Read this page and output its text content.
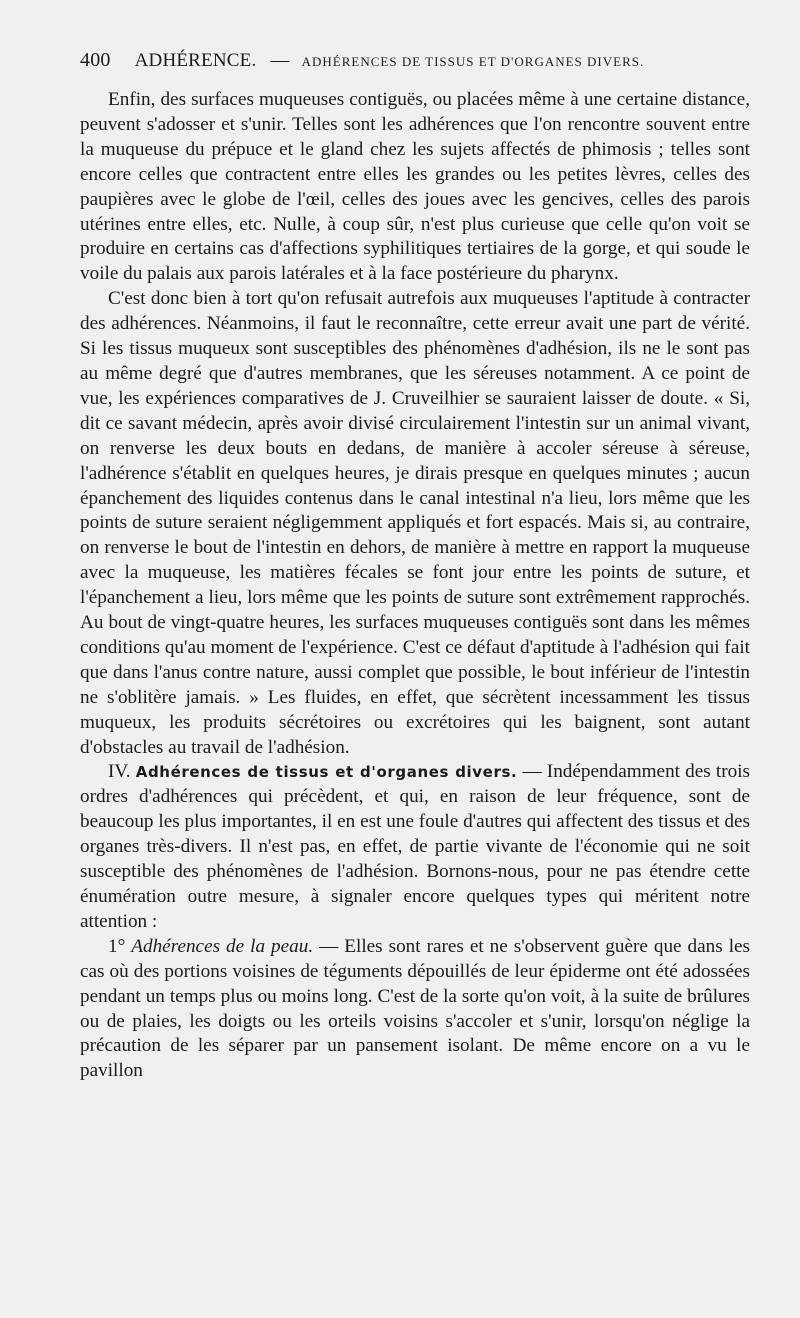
400 ADHÉRENCE. — ADHÉRENCES DE TISSUS ET D'ORGANES DIVERS.

Enfin, des surfaces muqueuses contiguës, ou placées même à une certaine distance, peuvent s'adosser et s'unir. Telles sont les adhérences que l'on rencontre souvent entre la muqueuse du prépuce et le gland chez les sujets affectés de phimosis ; telles sont encore celles que contractent entre elles les grandes ou les petites lèvres, celles des paupières avec le globe de l'œil, celles des joues avec les gencives, celles des parois utérines entre elles, etc. Nulle, à coup sûr, n'est plus curieuse que celle qu'on voit se produire en certains cas d'affections syphilitiques tertiaires de la gorge, et qui soude le voile du palais aux parois latérales et à la face postérieure du pharynx.

C'est donc bien à tort qu'on refusait autrefois aux muqueuses l'aptitude à contracter des adhérences. Néanmoins, il faut le reconnaître, cette erreur avait une part de vérité. Si les tissus muqueux sont susceptibles des phénomènes d'adhésion, ils ne le sont pas au même degré que d'autres membranes, que les séreuses notamment. A ce point de vue, les expériences comparatives de J. Cruveilhier se sauraient laisser de doute. « Si, dit ce savant médecin, après avoir divisé circulairement l'intestin sur un animal vivant, on renverse les deux bouts en dedans, de manière à accoler séreuse à séreuse, l'adhérence s'établit en quelques heures, je dirais presque en quelques minutes ; aucun épanchement des liquides contenus dans le canal intestinal n'a lieu, lors même que les points de suture seraient négligemment appliqués et fort espacés. Mais si, au contraire, on renverse le bout de l'intestin en dehors, de manière à mettre en rapport la muqueuse avec la muqueuse, les matières fécales se font jour entre les points de suture, et l'épanchement a lieu, lors même que les points de suture sont extrêmement rapprochés. Au bout de vingt-quatre heures, les surfaces muqueuses contiguës sont dans les mêmes conditions qu'au moment de l'expérience. C'est ce défaut d'aptitude à l'adhésion qui fait que dans l'anus contre nature, aussi complet que possible, le bout inférieur de l'intestin ne s'oblitère jamais. » Les fluides, en effet, que sécrètent incessamment les tissus muqueux, les produits sécrétoires ou excrétoires qui les baignent, sont autant d'obstacles au travail de l'adhésion.

IV. Adhérences de tissus et d'organes divers. — Indépendamment des trois ordres d'adhérences qui précèdent, et qui, en raison de leur fréquence, sont de beaucoup les plus importantes, il en est une foule d'autres qui affectent des tissus et des organes très-divers. Il n'est pas, en effet, de partie vivante de l'économie qui ne soit susceptible des phénomènes de l'adhésion. Bornons-nous, pour ne pas étendre cette énumération outre mesure, à signaler encore quelques types qui méritent notre attention :

1° Adhérences de la peau. — Elles sont rares et ne s'observent guère que dans les cas où des portions voisines de téguments dépouillés de leur épiderme ont été adossées pendant un temps plus ou moins long. C'est de la sorte qu'on voit, à la suite de brûlures ou de plaies, les doigts ou les orteils voisins s'accoler et s'unir, lorsqu'on néglige la précaution de les séparer par un pansement isolant. De même encore on a vu le pavillon
